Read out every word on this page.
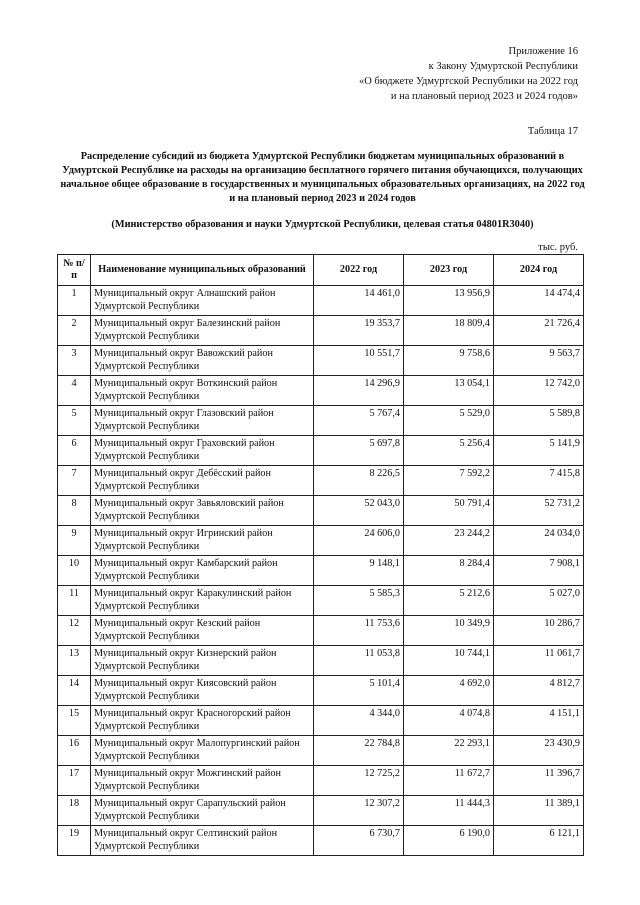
Приложение 16
к Закону Удмуртской Республики
«О бюджете Удмуртской Республики на 2022 год
и на плановый период 2023 и 2024 годов»
Таблица 17
Распределение субсидий из бюджета Удмуртской Республики бюджетам муниципальных образований в Удмуртской Республике на расходы на организацию бесплатного горячего питания обучающихся, получающих начальное общее образование в государственных и муниципальных образовательных организациях, на 2022 год и на плановый период 2023 и 2024 годов
(Министерство образования и науки Удмуртской Республики, целевая статья 04801R3040)
тыс. руб.
№ п/п	Наименование муниципальных образований	2022 год	2023 год	2024 год
1	Муниципальный округ Алнашский район Удмуртской Республики	14 461,0	13 956,9	14 474,4
2	Муниципальный округ Балезинский район Удмуртской Республики	19 353,7	18 809,4	21 726,4
3	Муниципальный округ Вавожский район Удмуртской Республики	10 551,7	9 758,6	9 563,7
4	Муниципальный округ Воткинский район Удмуртской Республики	14 296,9	13 054,1	12 742,0
5	Муниципальный округ Глазовский район Удмуртской Республики	5 767,4	5 529,0	5 589,8
6	Муниципальный округ Граховский район Удмуртской Республики	5 697,8	5 256,4	5 141,9
7	Муниципальный округ Дебёсский район Удмуртской Республики	8 226,5	7 592,2	7 415,8
8	Муниципальный округ Завьяловский район Удмуртской Республики	52 043,0	50 791,4	52 731,2
9	Муниципальный округ Игринский район Удмуртской Республики	24 606,0	23 244,2	24 034,0
10	Муниципальный округ Камбарский район Удмуртской Республики	9 148,1	8 284,4	7 908,1
11	Муниципальный округ Каракулинский район Удмуртской Республики	5 585,3	5 212,6	5 027,0
12	Муниципальный округ Кезский район Удмуртской Республики	11 753,6	10 349,9	10 286,7
13	Муниципальный округ Кизнерский район Удмуртской Республики	11 053,8	10 744,1	11 061,7
14	Муниципальный округ Киясовский район Удмуртской Республики	5 101,4	4 692,0	4 812,7
15	Муниципальный округ Красногорский район Удмуртской Республики	4 344,0	4 074,8	4 151,1
16	Муниципальный округ Малопургинский район Удмуртской Республики	22 784,8	22 293,1	23 430,9
17	Муниципальный округ Можгинский район Удмуртской Республики	12 725,2	11 672,7	11 396,7
18	Муниципальный округ Сарапульский район Удмуртской Республики	12 307,2	11 444,3	11 389,1
19	Муниципальный округ Селтинский район Удмуртской Республики	6 730,7	6 190,0	6 121,1
